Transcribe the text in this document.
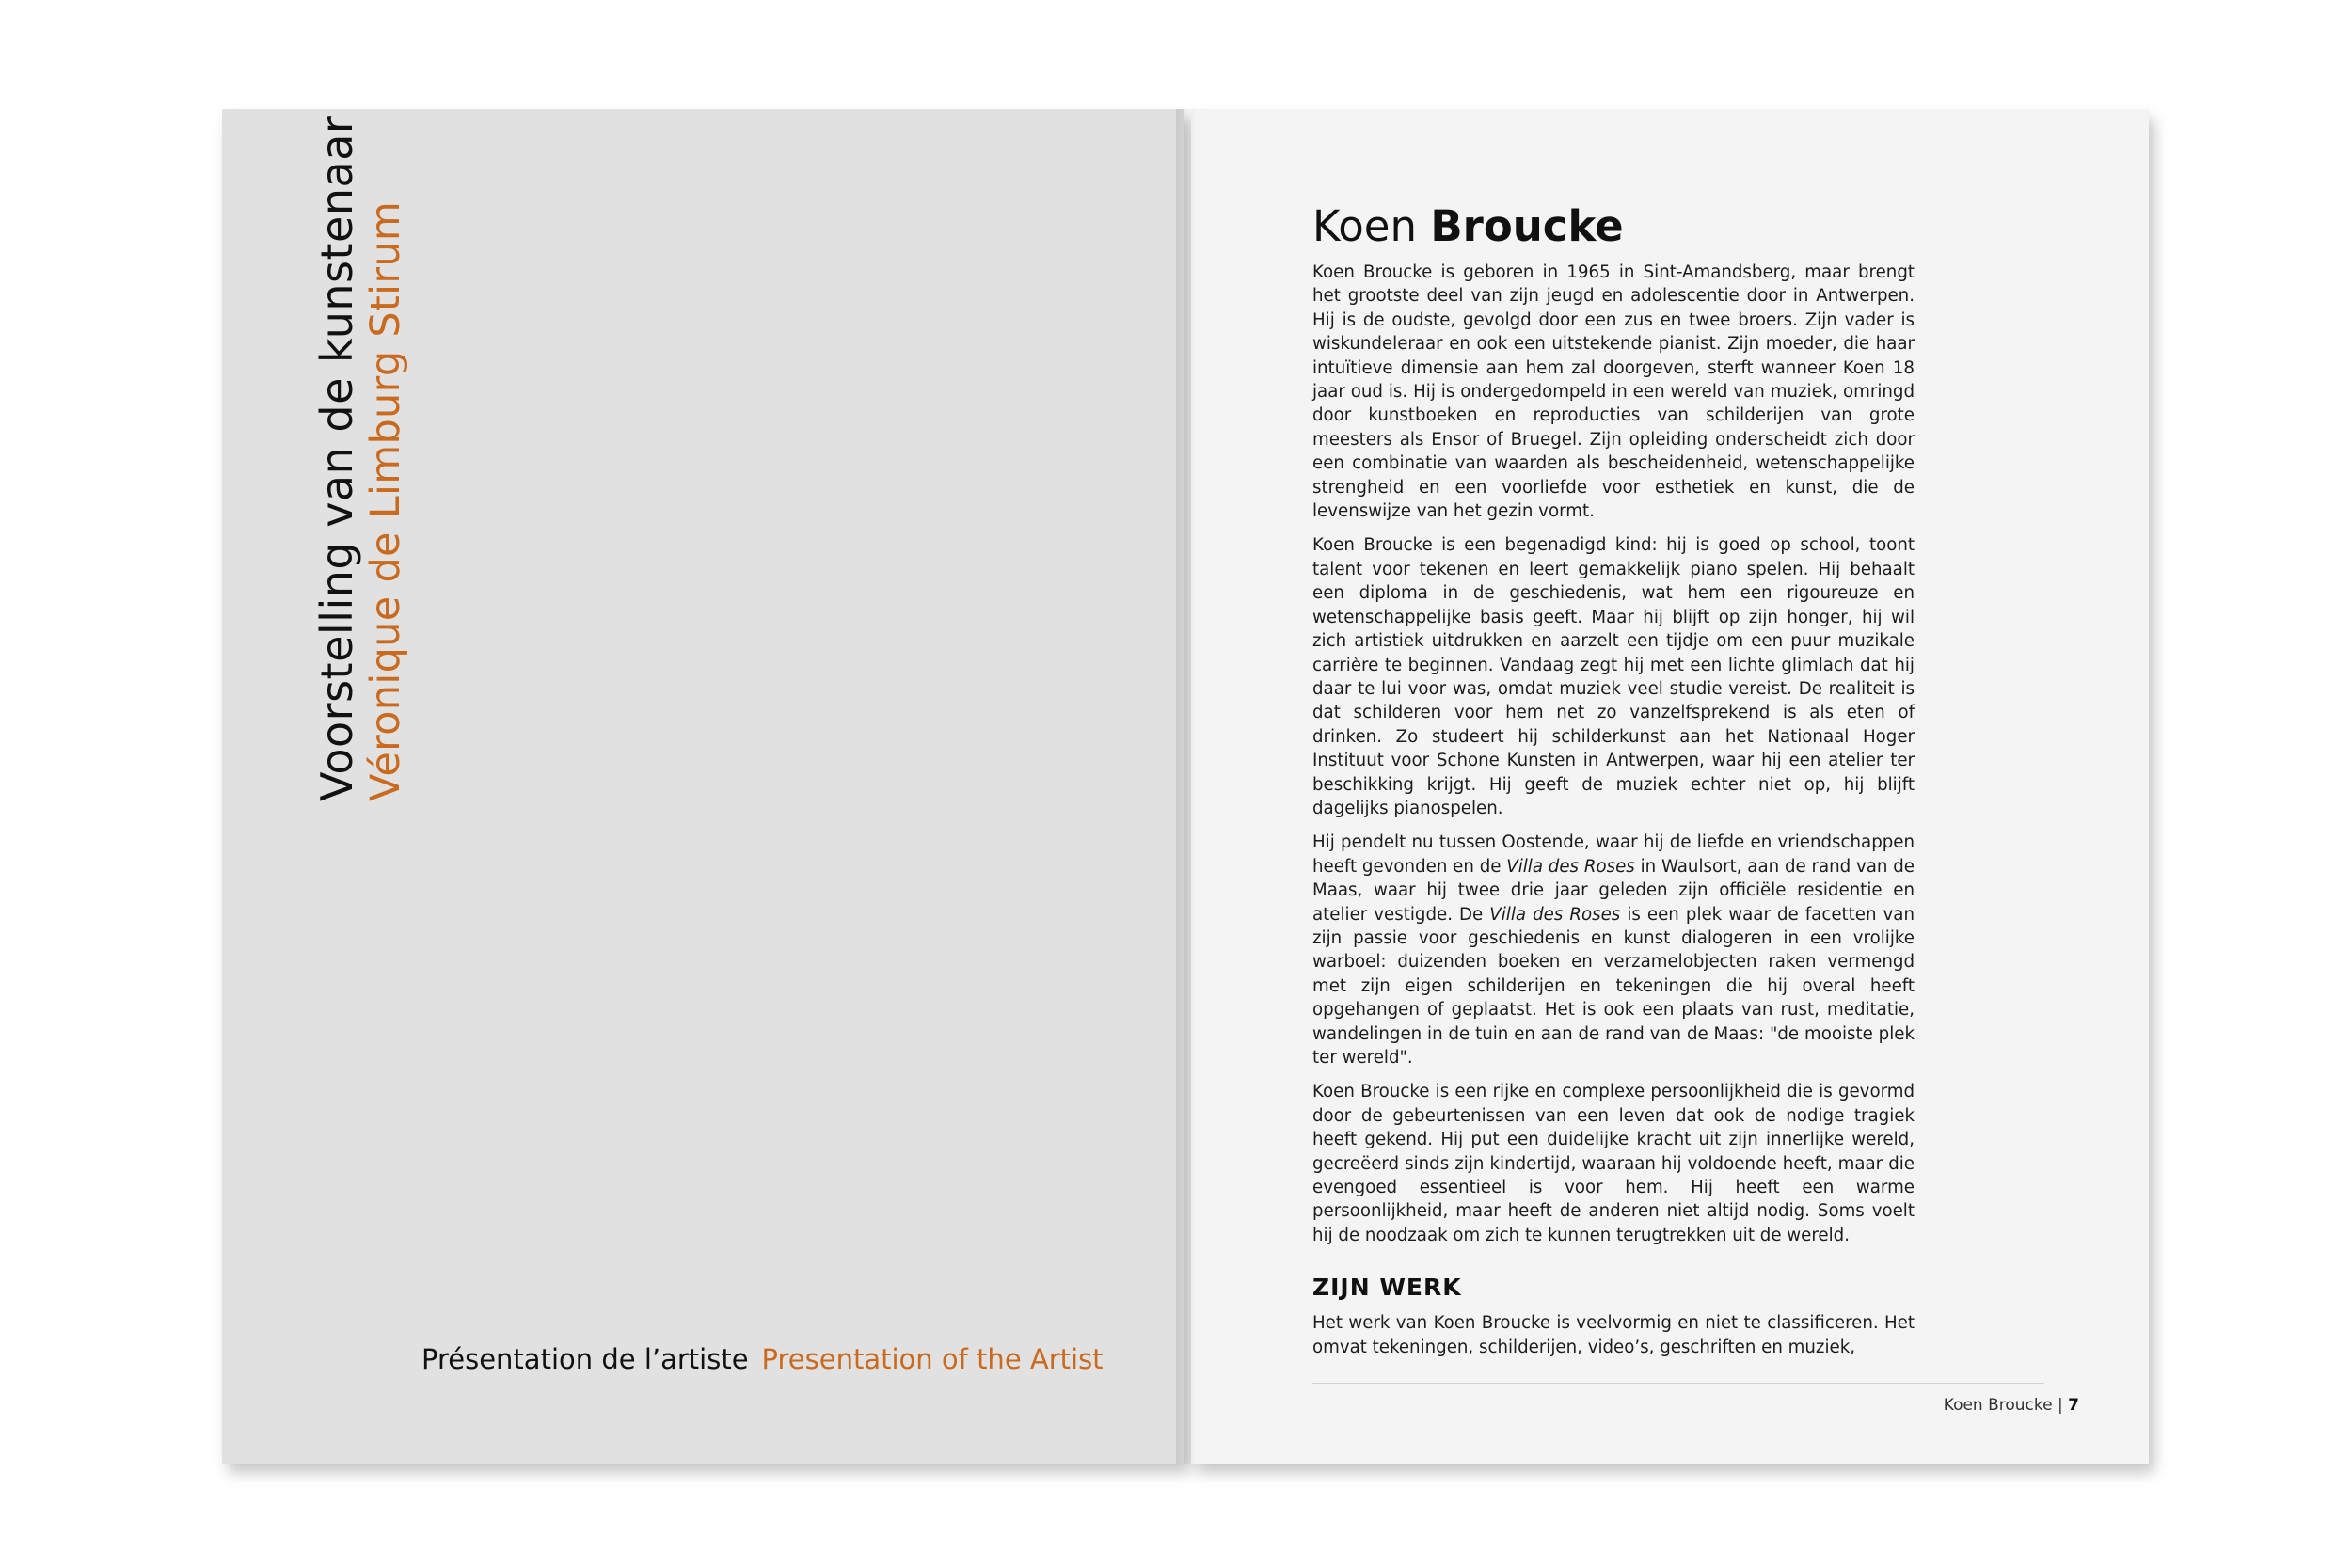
Voorstelling van de kunstenaar Véronique de Limburg Stirum
Présentation de l’artiste Presentation of the Artist
Koen Broucke

Koen Broucke is geboren in 1965 in Sint-Amandsberg, maar brengt het grootste deel van zijn jeugd en adolescentie door in Antwerpen. Hij is de oudste, gevolgd door een zus en twee broers. Zijn vader is wiskundeleraar en ook een uitstekende pianist. Zijn moeder, die haar intuïtieve dimensie aan hem zal doorgeven, sterft wanneer Koen 18 jaar oud is. Hij is ondergedompeld in een wereld van muziek, omringd door kunstboeken en reproducties van schilderijen van grote meesters als Ensor of Bruegel. Zijn opleiding onderscheidt zich door een combinatie van waarden als bescheidenheid, wetenschappelijke strengheid en een voorliefde voor esthetiek en kunst, die de levenswijze van het gezin vormt.

Koen Broucke is een begenadigd kind: hij is goed op school, toont talent voor tekenen en leert gemakkelijk piano spelen. Hij behaalt een diploma in de geschiedenis, wat hem een rigoureuze en wetenschappelijke basis geeft. Maar hij blijft op zijn honger, hij wil zich artistiek uitdrukken en aarzelt een tijdje om een puur muzikale carrière te beginnen. Vandaag zegt hij met een lichte glimlach dat hij daar te lui voor was, omdat muziek veel studie vereist. De realiteit is dat schilderen voor hem net zo vanzelfsprekend is als eten of drinken. Zo studeert hij schilderkunst aan het Nationaal Hoger Instituut voor Schone Kunsten in Antwerpen, waar hij een atelier ter beschikking krijgt. Hij geeft de muziek echter niet op, hij blijft dagelijks pianospelen.

Hij pendelt nu tussen Oostende, waar hij de liefde en vriendschappen heeft gevonden en de Villa des Roses in Waulsort, aan de rand van de Maas, waar hij twee drie jaar geleden zijn officiële residentie en atelier vestigde. De Villa des Roses is een plek waar de facetten van zijn passie voor geschiedenis en kunst dialogeren in een vrolijke warboel: duizenden boeken en verzamelobjecten raken vermengd met zijn eigen schilderijen en tekeningen die hij overal heeft opgehangen of geplaatst. Het is ook een plaats van rust, meditatie, wandelingen in de tuin en aan de rand van de Maas: "de mooiste plek ter wereld".

Koen Broucke is een rijke en complexe persoonlijkheid die is gevormd door de gebeurtenissen van een leven dat ook de nodige tragiek heeft gekend. Hij put een duidelijke kracht uit zijn innerlijke wereld, gecreëerd sinds zijn kindertijd, waaraan hij voldoende heeft, maar die evengoed essentieel is voor hem. Hij heeft een warme persoonlijkheid, maar heeft de anderen niet altijd nodig. Soms voelt hij de noodzaak om zich te kunnen terugtrekken uit de wereld.

ZIJN WERK

Het werk van Koen Broucke is veelvormig en niet te classificeren. Het omvat tekeningen, schilderijen, video’s, geschriften en muziek,

Koen Broucke | 7
